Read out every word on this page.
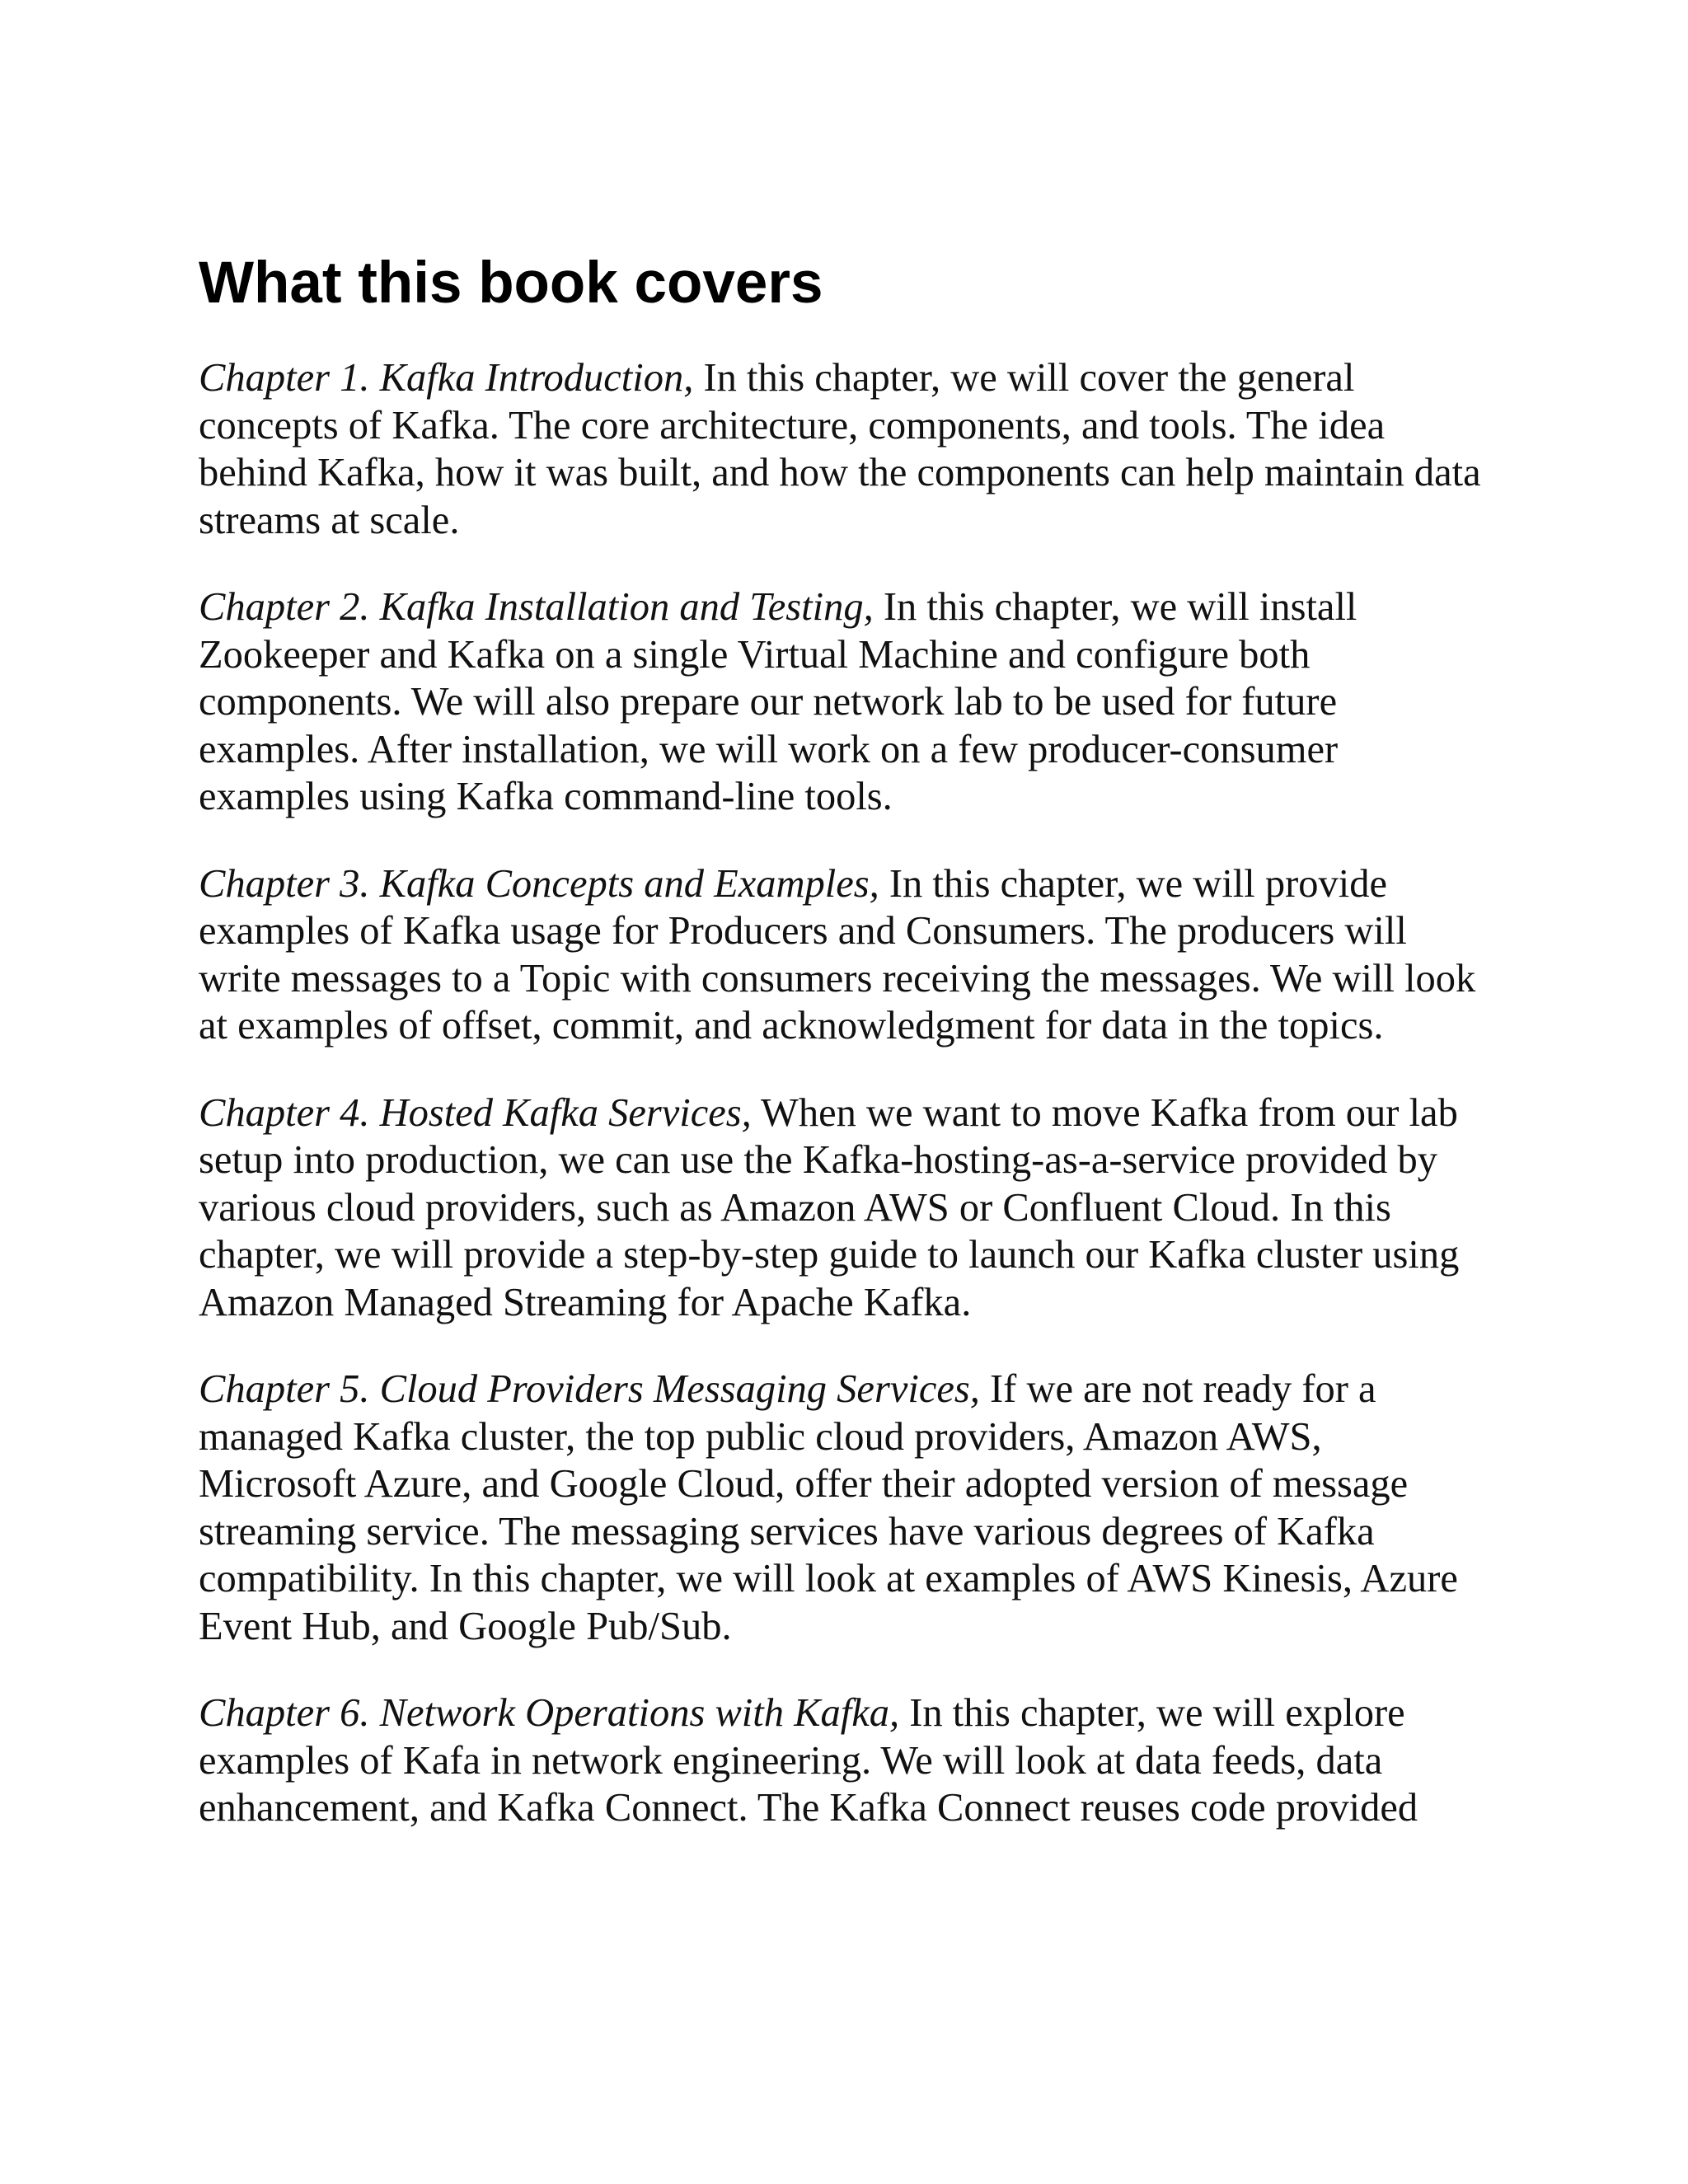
What this book covers

Chapter 1. Kafka Introduction, In this chapter, we will cover the general concepts of Kafka. The core architecture, components, and tools. The idea behind Kafka, how it was built, and how the components can help maintain data streams at scale.

Chapter 2. Kafka Installation and Testing, In this chapter, we will install Zookeeper and Kafka on a single Virtual Machine and configure both components. We will also prepare our network lab to be used for future examples. After installation, we will work on a few producer-consumer examples using Kafka command-line tools.

Chapter 3. Kafka Concepts and Examples, In this chapter, we will provide examples of Kafka usage for Producers and Consumers. The producers will write messages to a Topic with consumers receiving the messages. We will look at examples of offset, commit, and acknowledgment for data in the topics.

Chapter 4. Hosted Kafka Services, When we want to move Kafka from our lab setup into production, we can use the Kafka-hosting-as-a-service provided by various cloud providers, such as Amazon AWS or Confluent Cloud. In this chapter, we will provide a step-by-step guide to launch our Kafka cluster using Amazon Managed Streaming for Apache Kafka.

Chapter 5. Cloud Providers Messaging Services, If we are not ready for a managed Kafka cluster, the top public cloud providers, Amazon AWS, Microsoft Azure, and Google Cloud, offer their adopted version of message streaming service. The messaging services have various degrees of Kafka compatibility. In this chapter, we will look at examples of AWS Kinesis, Azure Event Hub, and Google Pub/Sub.

Chapter 6. Network Operations with Kafka, In this chapter, we will explore examples of Kafa in network engineering. We will look at data feeds, data enhancement, and Kafka Connect. The Kafka Connect reuses code provided
